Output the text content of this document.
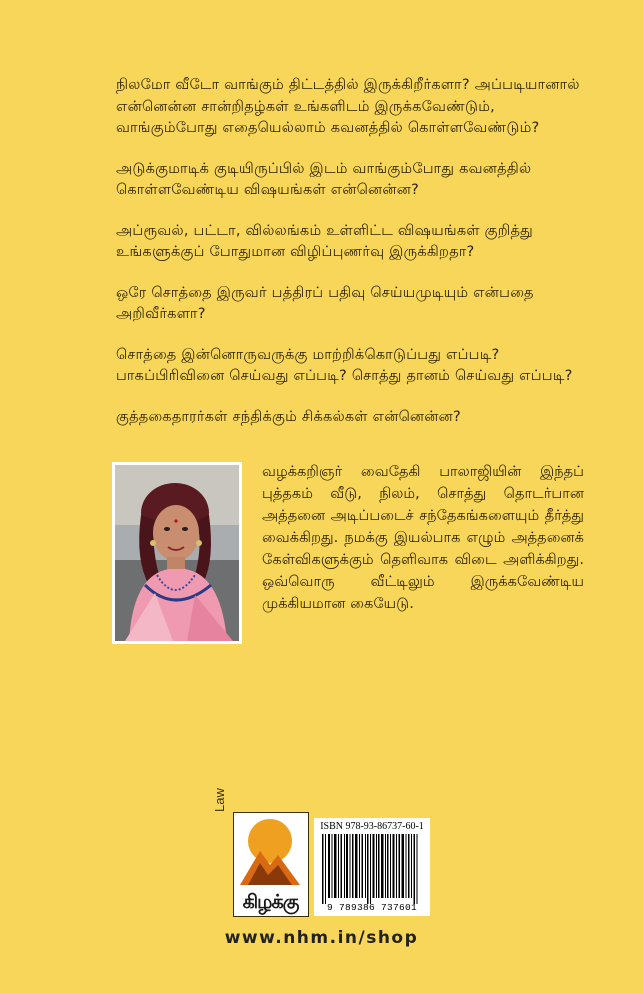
நிலமோ வீடோ வாங்கும் திட்டத்தில் இருக்கிறீர்களா? அப்படியானால் என்னென்ன சான்றிதழ்கள் உங்களிடம் இருக்கவேண்டும், வாங்கும்போது எதையெல்லாம் கவனத்தில் கொள்ளவேண்டும்?

அடுக்குமாடிக் குடியிருப்பில் இடம் வாங்கும்போது கவனத்தில் கொள்ளவேண்டிய விஷயங்கள் என்னென்ன?

அப்ரூவல், பட்டா, வில்லங்கம் உள்ளிட்ட விஷயங்கள் குறித்து உங்களுக்குப் போதுமான விழிப்புணர்வு இருக்கிறதா?

ஒரே சொத்தை இருவர் பத்திரப் பதிவு செய்யமுடியும் என்பதை அறிவீர்களா?

சொத்தை இன்னொருவருக்கு மாற்றிக்கொடுப்பது எப்படி? பாகப்பிரிவினை செய்வது எப்படி? சொத்து தானம் செய்வது எப்படி?

குத்தகைதாரர்கள் சந்திக்கும் சிக்கல்கள் என்னென்ன?

வழக்கறிஞர் வைதேகி பாலாஜியின் இந்தப் புத்தகம் வீடு, நிலம், சொத்து தொடர்பான அத்தனை அடிப்படைச் சந்தேகங்களையும் தீர்த்து வைக்கிறது. நமக்கு இயல்பாக எழும் அத்தனைக் கேள்விகளுக்கும் தெளிவாக விடை அளிக்கிறது. ஒவ்வொரு வீட்டிலும் இருக்கவேண்டிய முக்கியமான கையேடு.
Law
கிழக்கு
ISBN 978-93-86737-60-1
9 789386 737601
www.nhm.in/shop
